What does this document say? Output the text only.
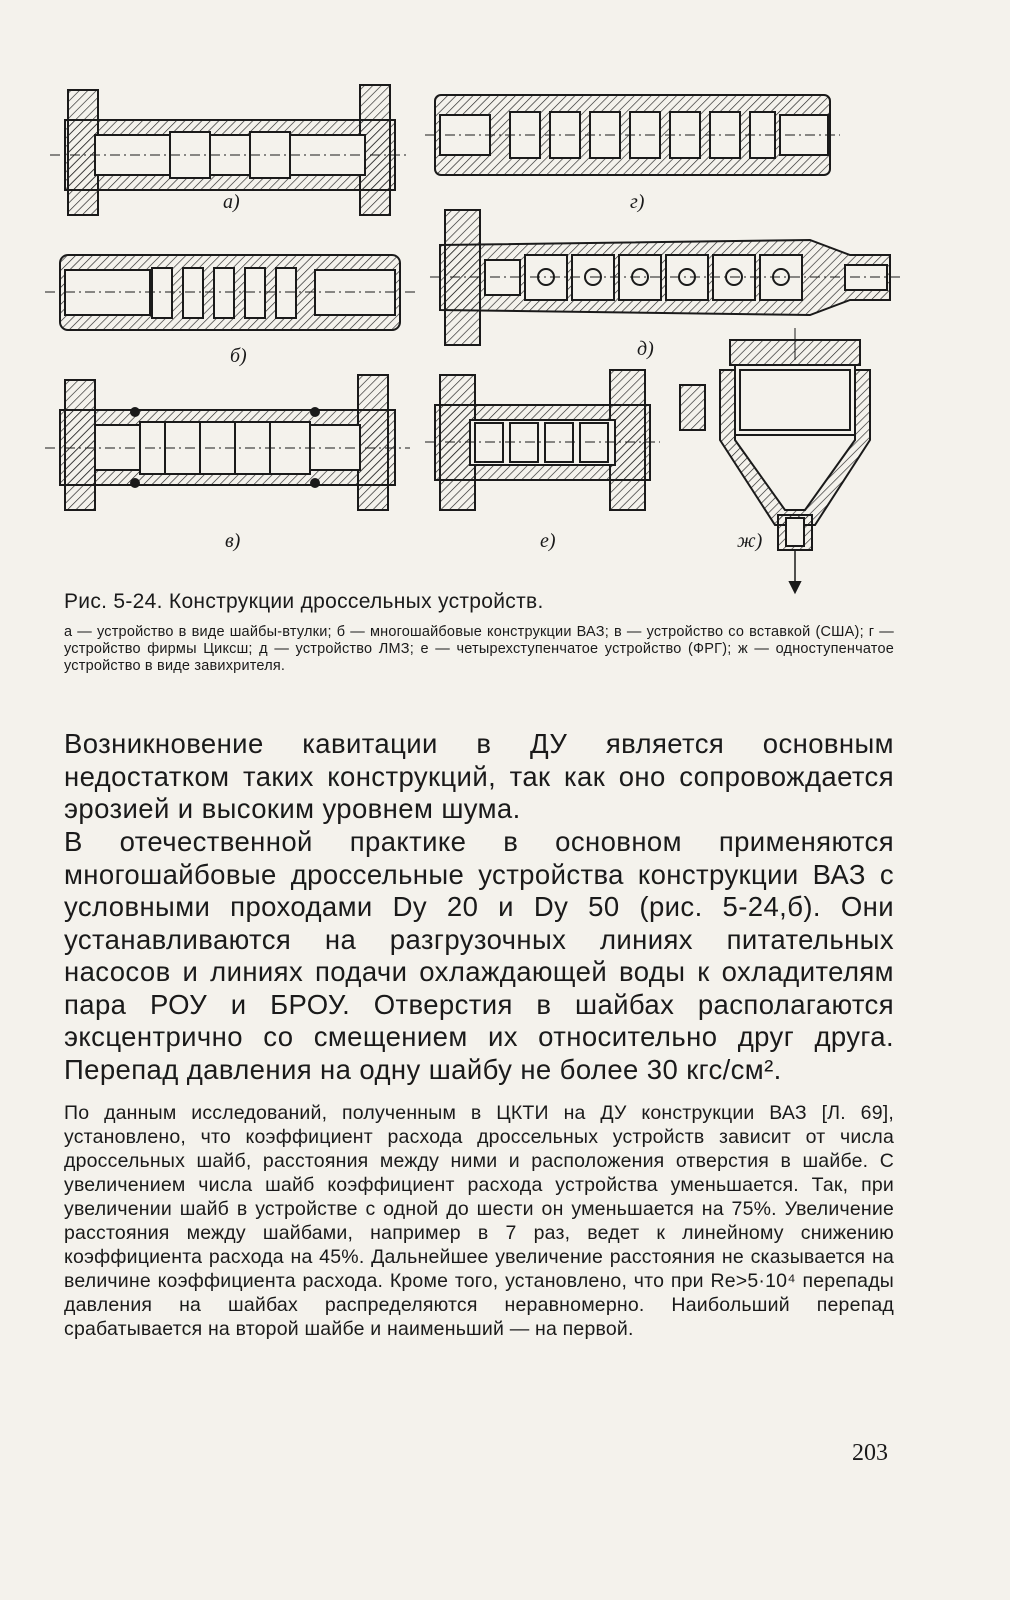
а)
б)
в)
г)
д)
е)	ж)
Рис. 5-24. Конструкции дроссельных устройств.
а — устройство в виде шайбы-втулки; б — многошайбовые конструкции ВАЗ; в — устройство со вставкой (США); г — устройство фирмы Циксш; д — устройство ЛМЗ; е — четырехступенчатое устройство (ФРГ); ж — одноступенчатое устройство в виде завихрителя.

Возникновение кавитации в ДУ является основным недостатком таких конструкций, так как оно сопровождается эрозией и высоким уровнем шума.

В отечественной практике в основном применяются многошайбовые дроссельные устройства конструкции ВАЗ с условными проходами Dу 20 и Dу 50 (рис. 5-24,б). Они устанавливаются на разгрузочных линиях питательных насосов и линиях подачи охлаждающей воды к охладителям пара РОУ и БРОУ. Отверстия в шайбах располагаются эксцентрично со смещением их относительно друг друга. Перепад давления на одну шайбу не более 30 кгс/см².

По данным исследований, полученным в ЦКТИ на ДУ конструкции ВАЗ [Л. 69], установлено, что коэффициент расхода дроссельных устройств зависит от числа дроссельных шайб, расстояния между ними и расположения отверстия в шайбе. С увеличением числа шайб коэффициент расхода устройства уменьшается. Так, при увеличении шайб в устройстве с одной до шести он уменьшается на 75%. Увеличение расстояния между шайбами, например в 7 раз, ведет к линейному снижению коэффициента расхода на 45%. Дальнейшее увеличение расстояния не сказывается на величине коэффициента расхода. Кроме того, установлено, что при Re>5·10⁴ перепады давления на шайбах распределяются неравномерно. Наибольший перепад срабатывается на второй шайбе и наименьший — на первой.

203
